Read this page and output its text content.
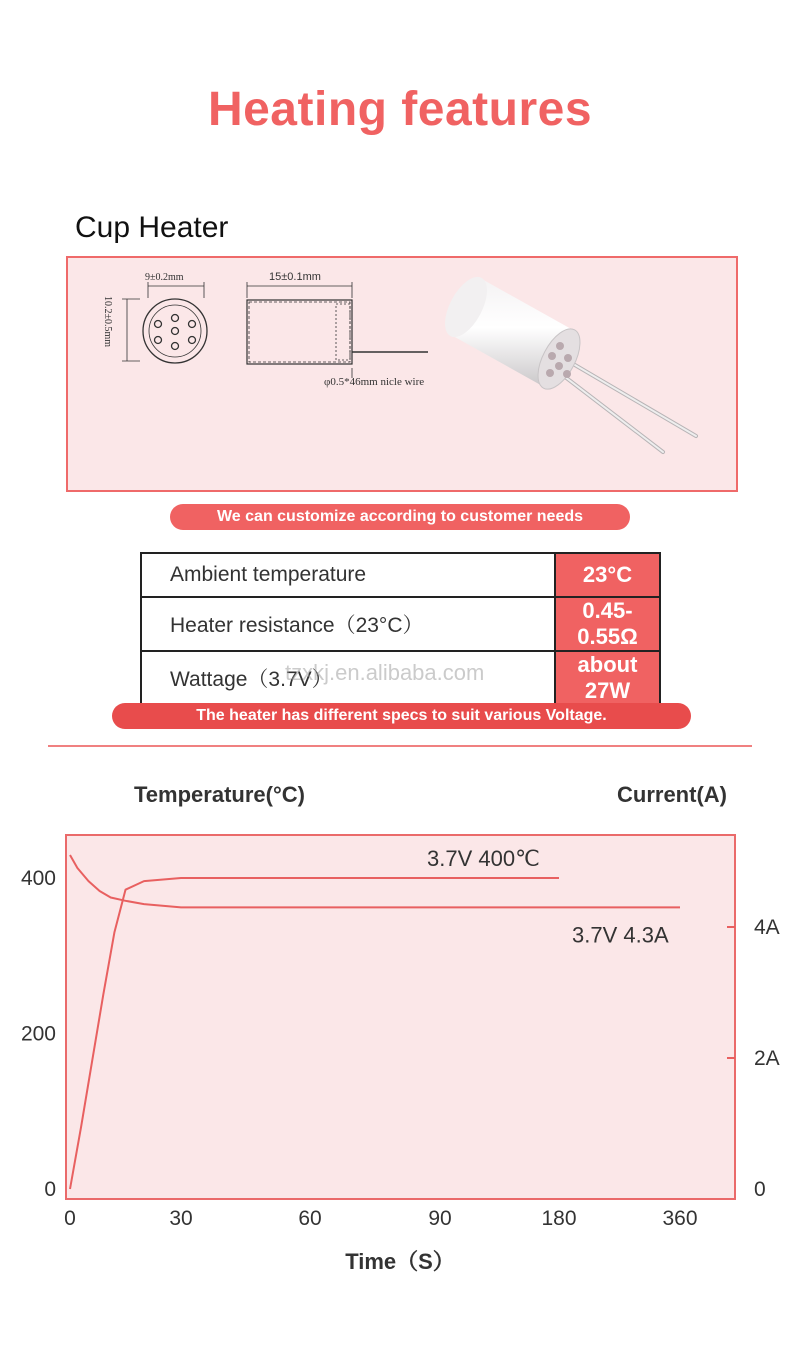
Heating features
Cup Heater
9±0.2mm
10.2±0.5mm
15±0.1mm
φ0.5*46mm nicle wire
We can customize according to customer needs
Ambient temperature	23°C
Heater resistance（23°C）	0.45-0.55Ω
Wattage（3.7V）	about 27W
tzxkj.en.alibaba.com
The heater has different specs to suit various Voltage.
Temperature(°C)	Current(A)
0	30	60	90	180	360
0
200
400
0
2A
4A
3.7V 400℃
3.7V 4.3A
Time（S）
